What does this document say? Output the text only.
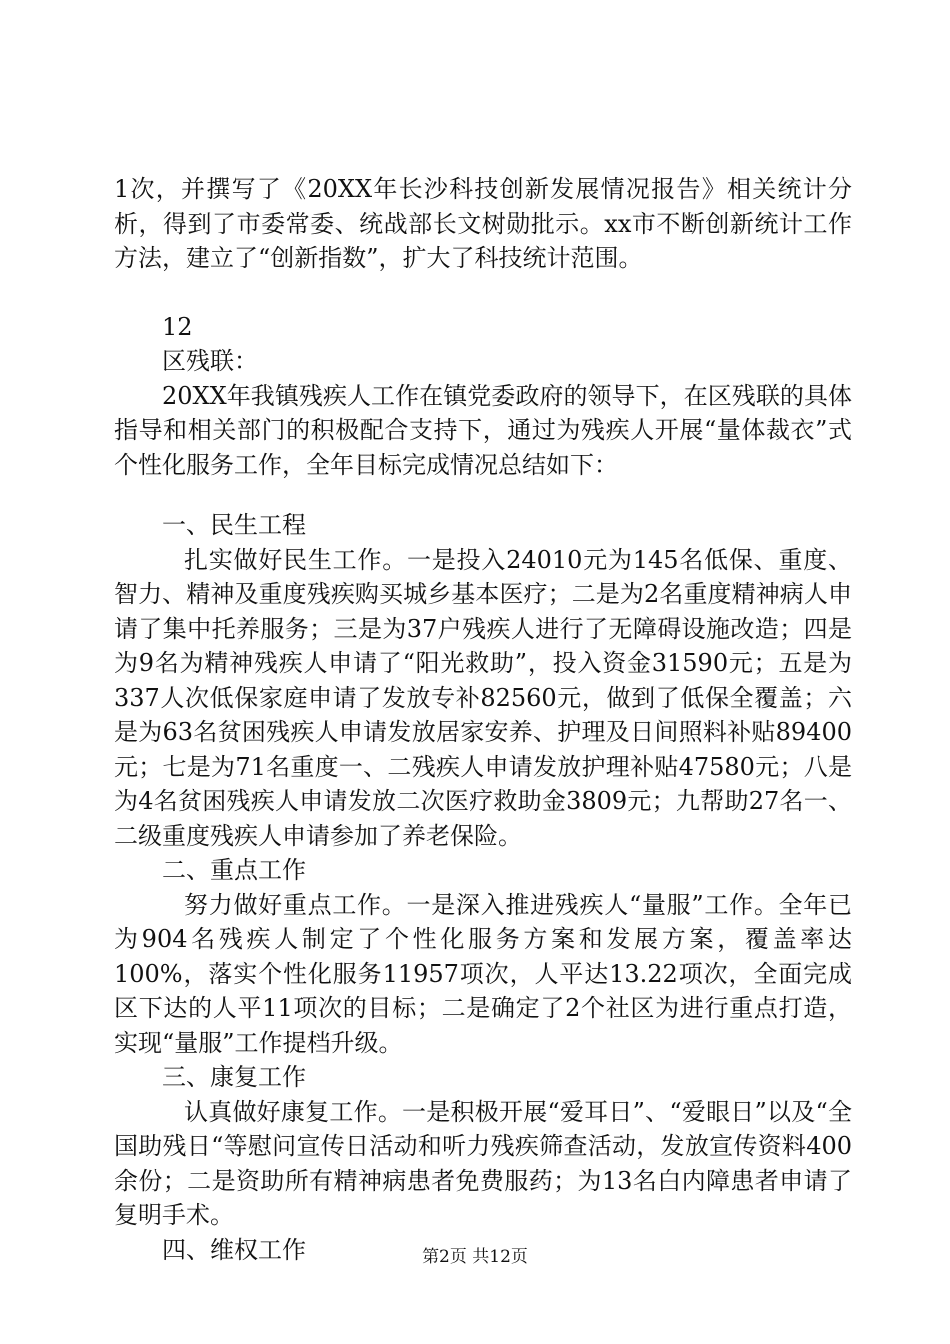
1次，并撰写了《20XX年长沙科技创新发展情况报告》相关统计分析，得到了市委常委、统战部长文树勋批示。xx市不断创新统计工作方法，建立了“创新指数”，扩大了科技统计范围。

12

区残联：

20XX年我镇残疾人工作在镇党委政府的领导下，在区残联的具体指导和相关部门的积极配合支持下，通过为残疾人开展“量体裁衣”式个性化服务工作，全年目标完成情况总结如下：

一、民生工程

扎实做好民生工作。一是投入24010元为145名低保、重度、智力、精神及重度残疾购买城乡基本医疗；二是为2名重度精神病人申请了集中托养服务；三是为37户残疾人进行了无障碍设施改造；四是为9名为精神残疾人申请了“阳光救助”，投入资金31590元；五是为337人次低保家庭申请了发放专补82560元，做到了低保全覆盖；六是为63名贫困残疾人申请发放居家安养、护理及日间照料补贴89400元；七是为71名重度一、二残疾人申请发放护理补贴47580元；八是为4名贫困残疾人申请发放二次医疗救助金3809元；九帮助27名一、二级重度残疾人申请参加了养老保险。

二、重点工作

努力做好重点工作。一是深入推进残疾人“量服”工作。全年已为904名残疾人制定了个性化服务方案和发展方案，覆盖率达100%，落实个性化服务11957项次，人平达13.22项次，全面完成区下达的人平11项次的目标；二是确定了2个社区为进行重点打造，实现“量服”工作提档升级。

三、康复工作

认真做好康复工作。一是积极开展“爱耳日”、“爱眼日”以及“全国助残日“等慰问宣传日活动和听力残疾筛查活动，发放宣传资料400余份；二是资助所有精神病患者免费服药；为13名白内障患者申请了复明手术。

四、维权工作	第2页 共12页
